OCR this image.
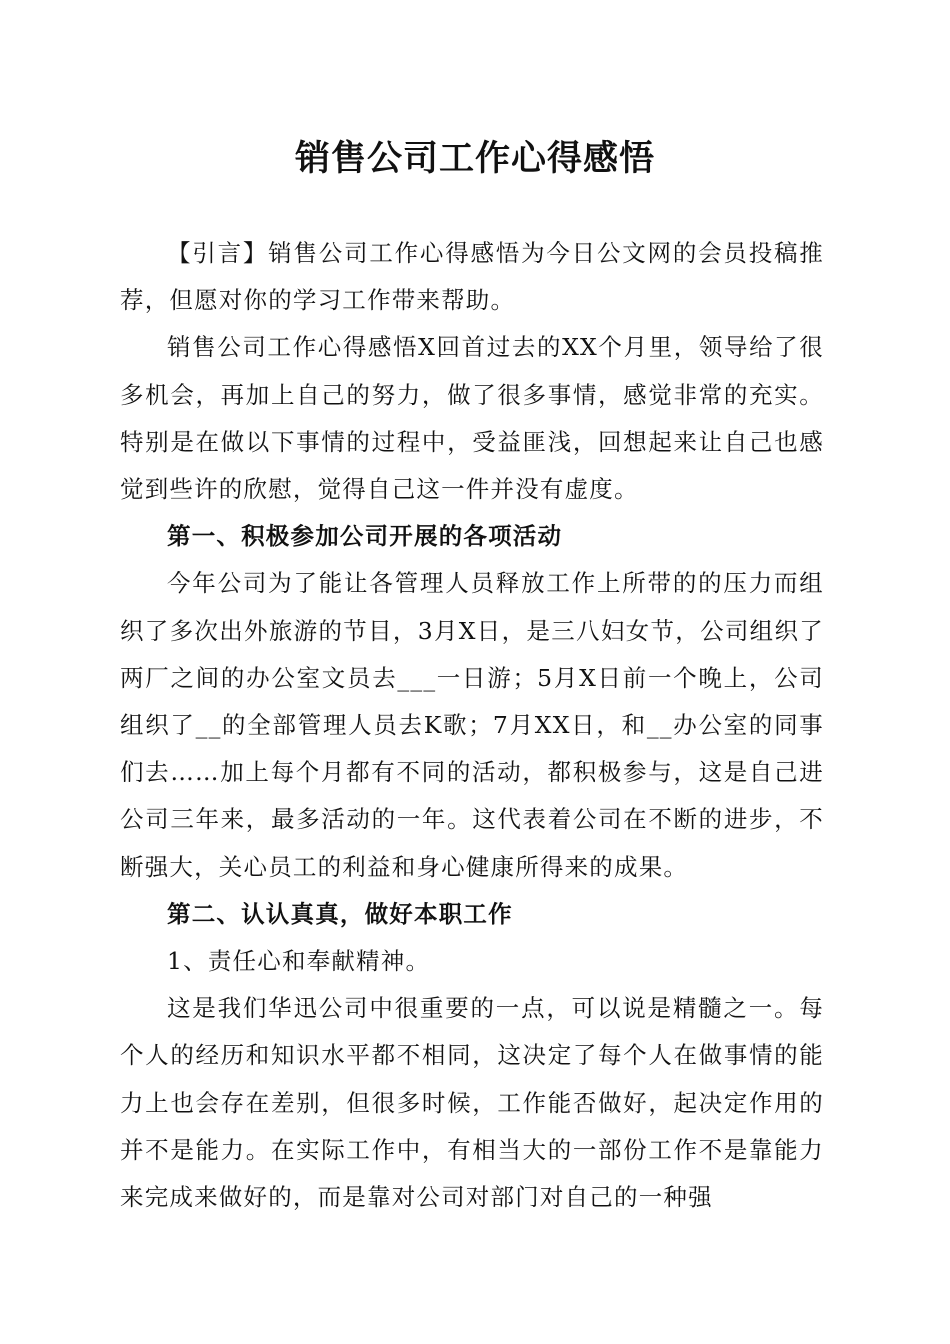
销售公司工作心得感悟

【引言】销售公司工作心得感悟为今日公文网的会员投稿推荐，但愿对你的学习工作带来帮助。

销售公司工作心得感悟X回首过去的XX个月里，领导给了很多机会，再加上自己的努力，做了很多事情，感觉非常的充实。特别是在做以下事情的过程中，受益匪浅，回想起来让自己也感觉到些许的欣慰，觉得自己这一件并没有虚度。

第一、积极参加公司开展的各项活动

今年公司为了能让各管理人员释放工作上所带的的压力而组织了多次出外旅游的节目，3月X日，是三八妇女节，公司组织了两厂之间的办公室文员去___一日游；5月X日前一个晚上，公司组织了__的全部管理人员去K歌；7月XX日，和__办公室的同事们去……加上每个月都有不同的活动，都积极参与，这是自己进公司三年来，最多活动的一年。这代表着公司在不断的进步，不断强大，关心员工的利益和身心健康所得来的成果。

第二、认认真真，做好本职工作

1、责任心和奉献精神。

这是我们华迅公司中很重要的一点，可以说是精髓之一。每个人的经历和知识水平都不相同，这决定了每个人在做事情的能力上也会存在差别，但很多时候，工作能否做好，起决定作用的并不是能力。在实际工作中，有相当大的一部份工作不是靠能力来完成来做好的，而是靠对公司对部门对自己的一种强
